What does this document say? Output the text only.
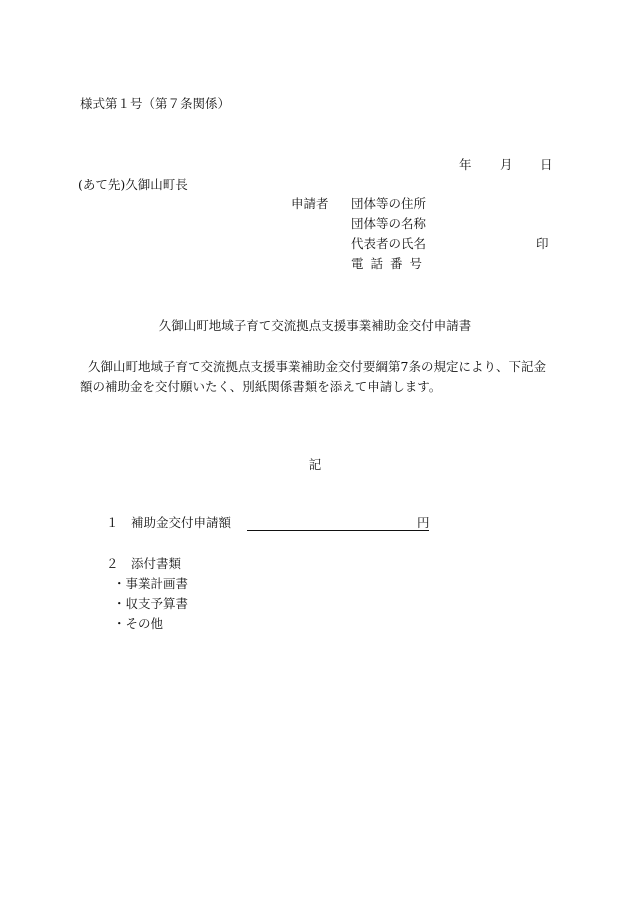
様式第１号（第７条関係）
年 月 日
(あて先)久御山町長
申請者 団体等の住所
団体等の名称
代表者の氏名
電話番号
印
久御山町地域子育て交流拠点支援事業補助金交付申請書
久御山町地域子育て交流拠点支援事業補助金交付要綱第7条の規定により、下記金額の補助金を交付願いたく、別紙関係書類を添えて申請します。
記
１　補助金交付申請額	円
２　添付書類
・事業計画書
・収支予算書
・その他
